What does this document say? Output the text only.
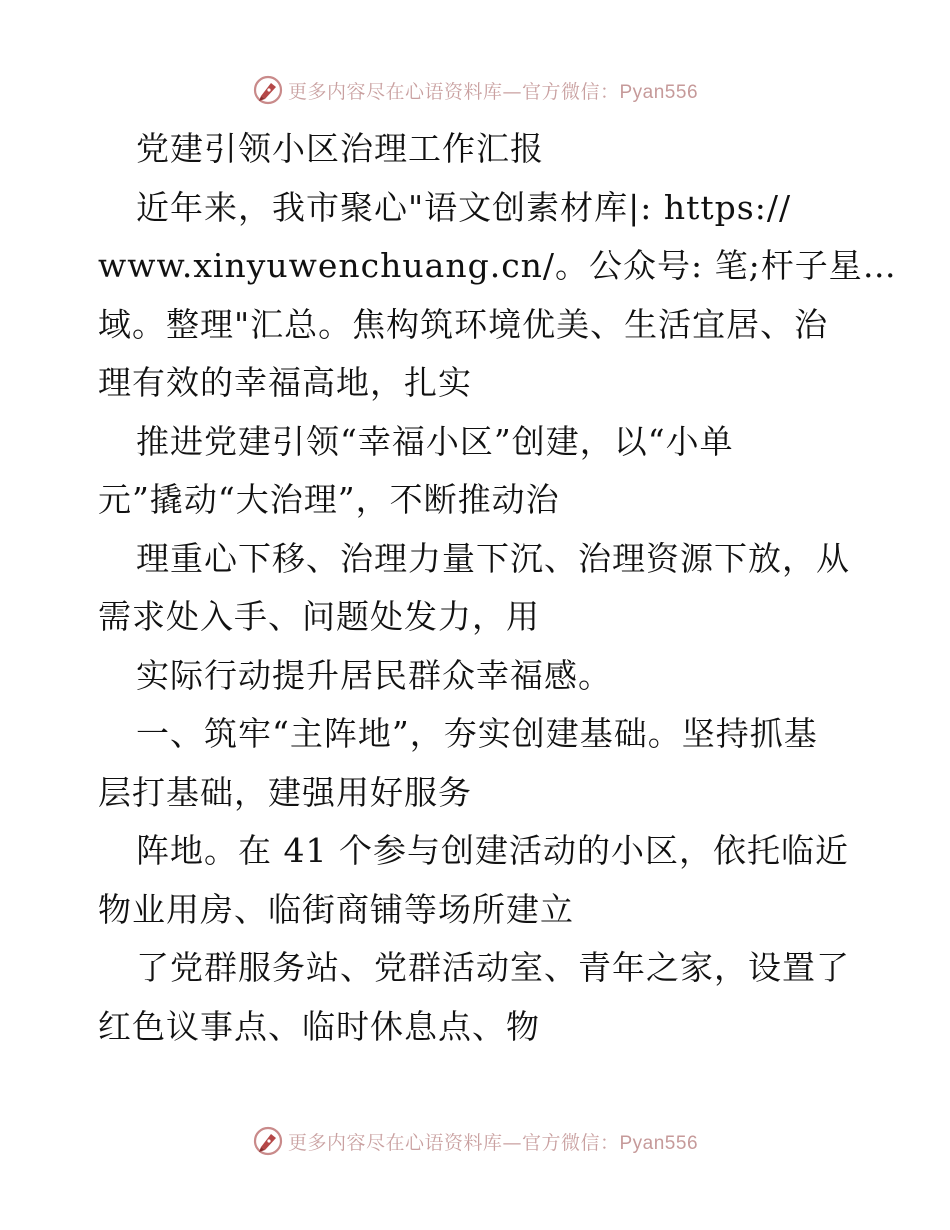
更多内容尽在心语资料库—官方微信：Pyan556
党建引领小区治理工作汇报
近年来，我市聚心"语文创素材库|: https://
www.xinyuwenchuang.cn/。公众号: 笔;杆子星…
域。整理"汇总。焦构筑环境优美、生活宜居、治
理有效的幸福高地，扎实
推进党建引领“幸福小区”创建，以“小单
元”撬动“大治理”，不断推动治
理重心下移、治理力量下沉、治理资源下放，从
需求处入手、问题处发力，用
实际行动提升居民群众幸福感。
一、筑牢“主阵地”，夯实创建基础。坚持抓基
层打基础，建强用好服务
阵地。在 41 个参与创建活动的小区，依托临近
物业用房、临街商铺等场所建立
了党群服务站、党群活动室、青年之家，设置了
红色议事点、临时休息点、物
更多内容尽在心语资料库—官方微信：Pyan556
